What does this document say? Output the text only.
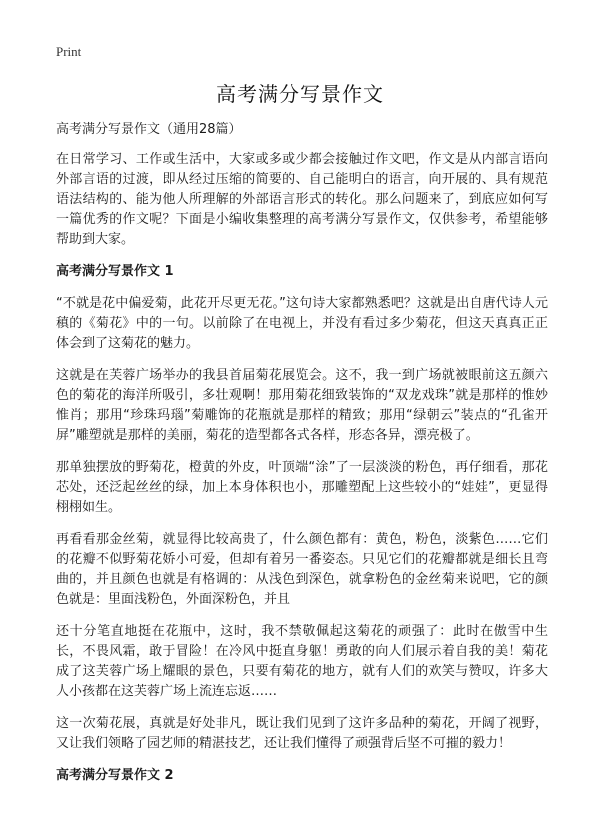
Print
高考满分写景作文

高考满分写景作文（通用28篇）

在日常学习、工作或生活中，大家或多或少都会接触过作文吧，作文是从内部言语向外部言语的过渡，即从经过压缩的简要的、自己能明白的语言，向开展的、具有规范语法结构的、能为他人所理解的外部语言形式的转化。那么问题来了，到底应如何写一篇优秀的作文呢？下面是小编收集整理的高考满分写景作文，仅供参考，希望能够帮助到大家。

高考满分写景作文 1

“不就是花中偏爱菊，此花开尽更无花。”这句诗大家都熟悉吧？这就是出自唐代诗人元稹的《菊花》中的一句。以前除了在电视上，并没有看过多少菊花，但这天真真正正体会到了这菊花的魅力。

这就是在芙蓉广场举办的我县首届菊花展览会。这不，我一到广场就被眼前这五颜六色的菊花的海洋所吸引，多壮观啊！那用菊花细致装饰的“双龙戏珠”就是那样的惟妙惟肖；那用“珍珠玛瑙”菊雕饰的花瓶就是那样的精致；那用“绿朝云”装点的“孔雀开屏”雕塑就是那样的美丽，菊花的造型都各式各样，形态各异，漂亮极了。

那单独摆放的野菊花，橙黄的外皮，叶顶端“涂”了一层淡淡的粉色，再仔细看，那花芯处，还泛起丝丝的绿，加上本身体积也小，那雕塑配上这些较小的“娃娃”，更显得栩栩如生。

再看看那金丝菊，就显得比较高贵了，什么颜色都有：黄色，粉色，淡紫色……它们的花瓣不似野菊花娇小可爱，但却有着另一番姿态。只见它们的花瓣都就是细长且弯曲的，并且颜色也就是有格调的：从浅色到深色，就拿粉色的金丝菊来说吧，它的颜色就是：里面浅粉色，外面深粉色，并且

还十分笔直地挺在花瓶中，这时，我不禁敬佩起这菊花的顽强了：此时在傲雪中生长，不畏风霜，敢于冒险！在冷风中挺直身躯！勇敢的向人们展示着自我的美！菊花成了这芙蓉广场上耀眼的景色，只要有菊花的地方，就有人们的欢笑与赞叹，许多大人小孩都在这芙蓉广场上流连忘返……

这一次菊花展，真就是好处非凡，既让我们见到了这许多品种的菊花，开阔了视野，又让我们领略了园艺师的精湛技艺，还让我们懂得了顽强背后坚不可摧的毅力！

高考满分写景作文 2
